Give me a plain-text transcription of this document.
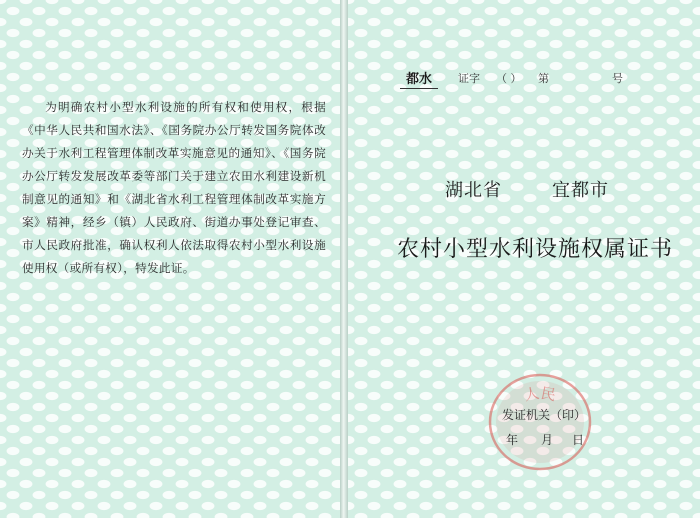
为明确农村小型水利设施的所有权和使用权，根据《中华人民共和国水法》、《国务院办公厅转发国务院体改办关于水利工程管理体制改革实施意见的通知》、《国务院办公厅转发发展改革委等部门关于建立农田水利建设新机制意见的通知》和《湖北省水利工程管理体制改革实施方案》精神，经乡（镇）人民政府、街道办事处登记审查、市人民政府批准，确认权利人依法取得农村小型水利设施使用权（或所有权），特发此证。

都水	证字 （ ） 第	号
湖北省	宜都市
农村小型水利设施权属证书
人民
发证机关（印）
年 月 日
